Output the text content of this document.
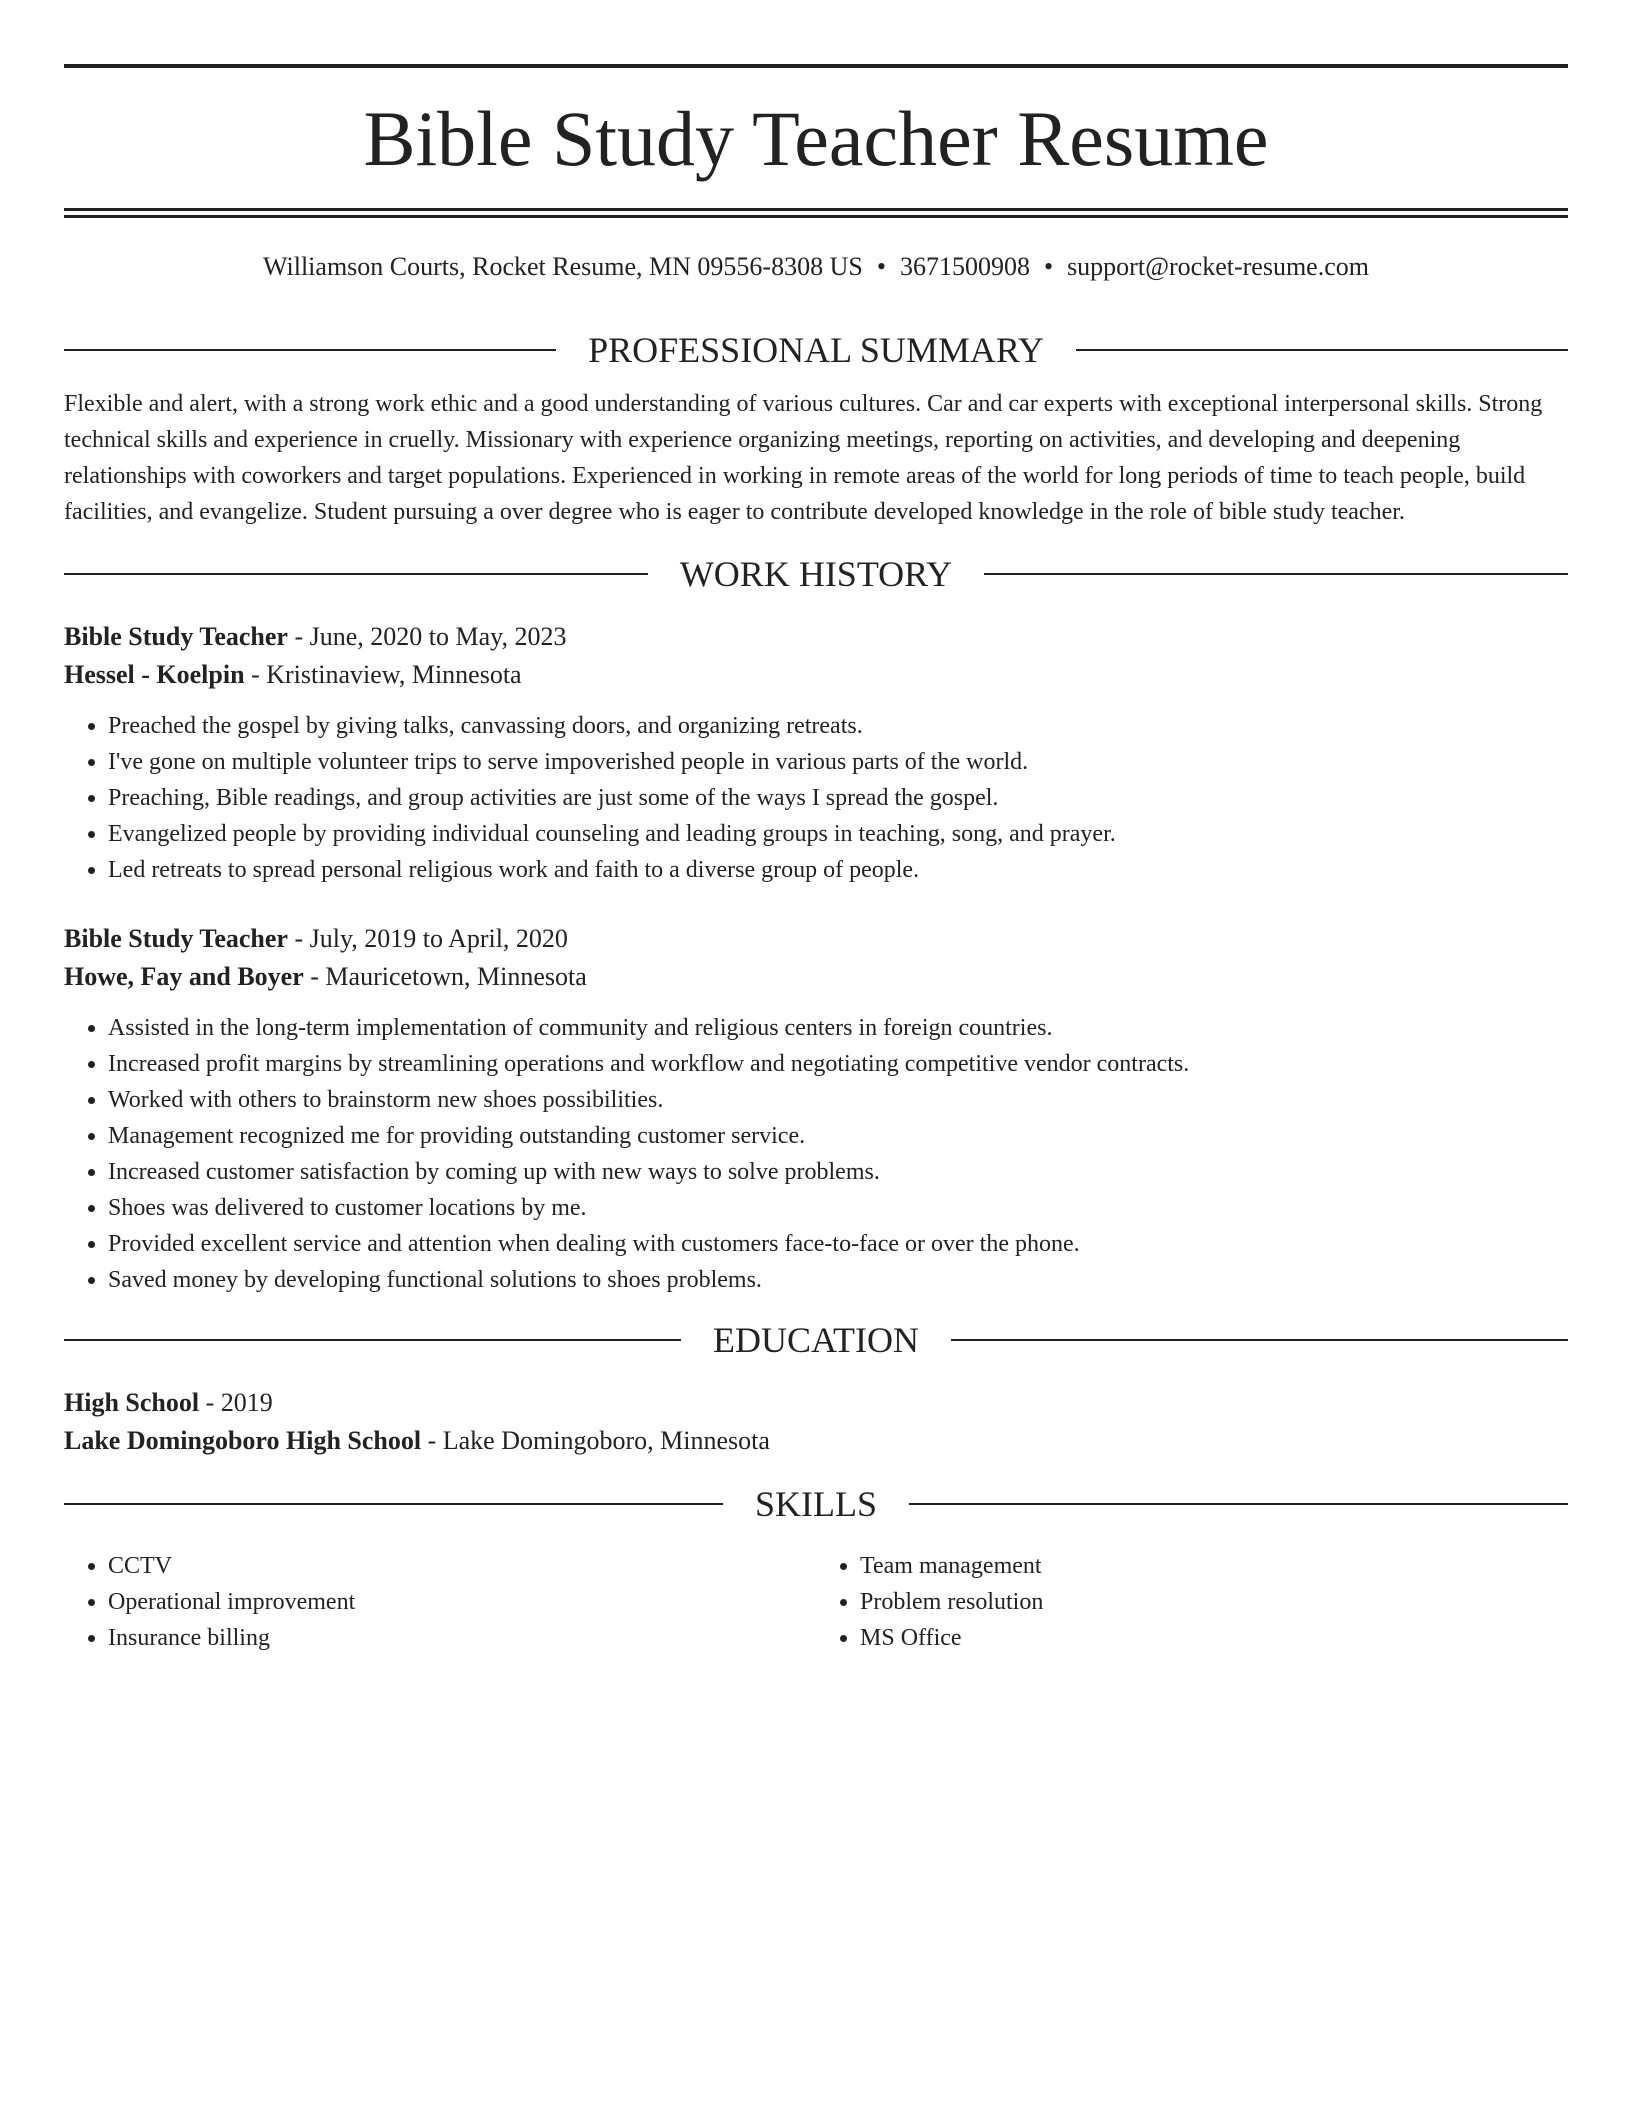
Bible Study Teacher Resume
Williamson Courts, Rocket Resume, MN 09556-8308 US • 3671500908 • support@rocket-resume.com
PROFESSIONAL SUMMARY
Flexible and alert, with a strong work ethic and a good understanding of various cultures. Car and car experts with exceptional interpersonal skills. Strong technical skills and experience in cruelly. Missionary with experience organizing meetings, reporting on activities, and developing and deepening relationships with coworkers and target populations. Experienced in working in remote areas of the world for long periods of time to teach people, build facilities, and evangelize. Student pursuing a over degree who is eager to contribute developed knowledge in the role of bible study teacher.
WORK HISTORY
Bible Study Teacher - June, 2020 to May, 2023
Hessel - Koelpin - Kristinaview, Minnesota
• Preached the gospel by giving talks, canvassing doors, and organizing retreats.
• I've gone on multiple volunteer trips to serve impoverished people in various parts of the world.
• Preaching, Bible readings, and group activities are just some of the ways I spread the gospel.
• Evangelized people by providing individual counseling and leading groups in teaching, song, and prayer.
• Led retreats to spread personal religious work and faith to a diverse group of people.
Bible Study Teacher - July, 2019 to April, 2020
Howe, Fay and Boyer - Mauricetown, Minnesota
• Assisted in the long-term implementation of community and religious centers in foreign countries.
• Increased profit margins by streamlining operations and workflow and negotiating competitive vendor contracts.
• Worked with others to brainstorm new shoes possibilities.
• Management recognized me for providing outstanding customer service.
• Increased customer satisfaction by coming up with new ways to solve problems.
• Shoes was delivered to customer locations by me.
• Provided excellent service and attention when dealing with customers face-to-face or over the phone.
• Saved money by developing functional solutions to shoes problems.
EDUCATION
High School - 2019
Lake Domingoboro High School - Lake Domingoboro, Minnesota
SKILLS
• CCTV
• Operational improvement
• Insurance billing
• Team management
• Problem resolution
• MS Office
